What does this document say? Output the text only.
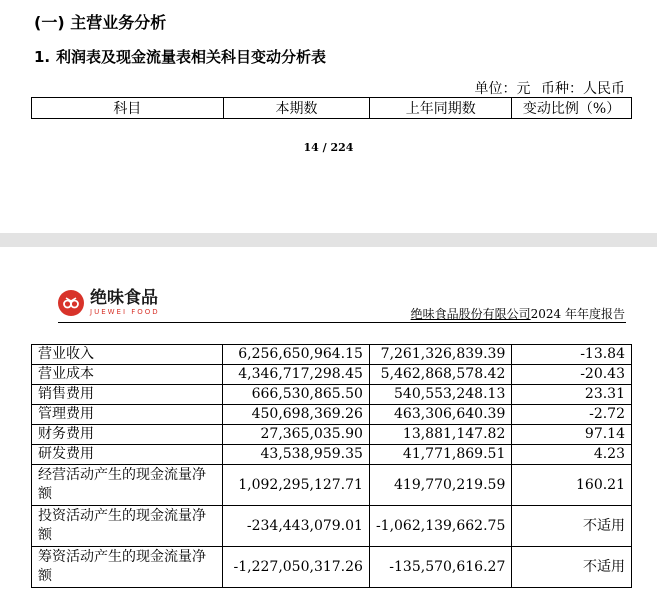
(一) 主营业务分析
1. 利润表及现金流量表相关科目变动分析表
单位：元 币种：人民币
科目	本期数	上年同期数	变动比例（%）
14 / 224
绝味食品
JUEWEI FOOD	绝味食品股份有限公司2024 年年度报告
营业收入	6,256,650,964.15	7,261,326,839.39	-13.84
营业成本	4,346,717,298.45	5,462,868,578.42	-20.43
销售费用	666,530,865.50	540,553,248.13	23.31
管理费用	450,698,369.26	463,306,640.39	-2.72
财务费用	27,365,035.90	13,881,147.82	97.14
研发费用	43,538,959.35	41,771,869.51	4.23
经营活动产生的现金流量净额	1,092,295,127.71	419,770,219.59	160.21
投资活动产生的现金流量净额	-234,443,079.01	-1,062,139,662.75	不适用
筹资活动产生的现金流量净额	-1,227,050,317.26	-135,570,616.27	不适用
